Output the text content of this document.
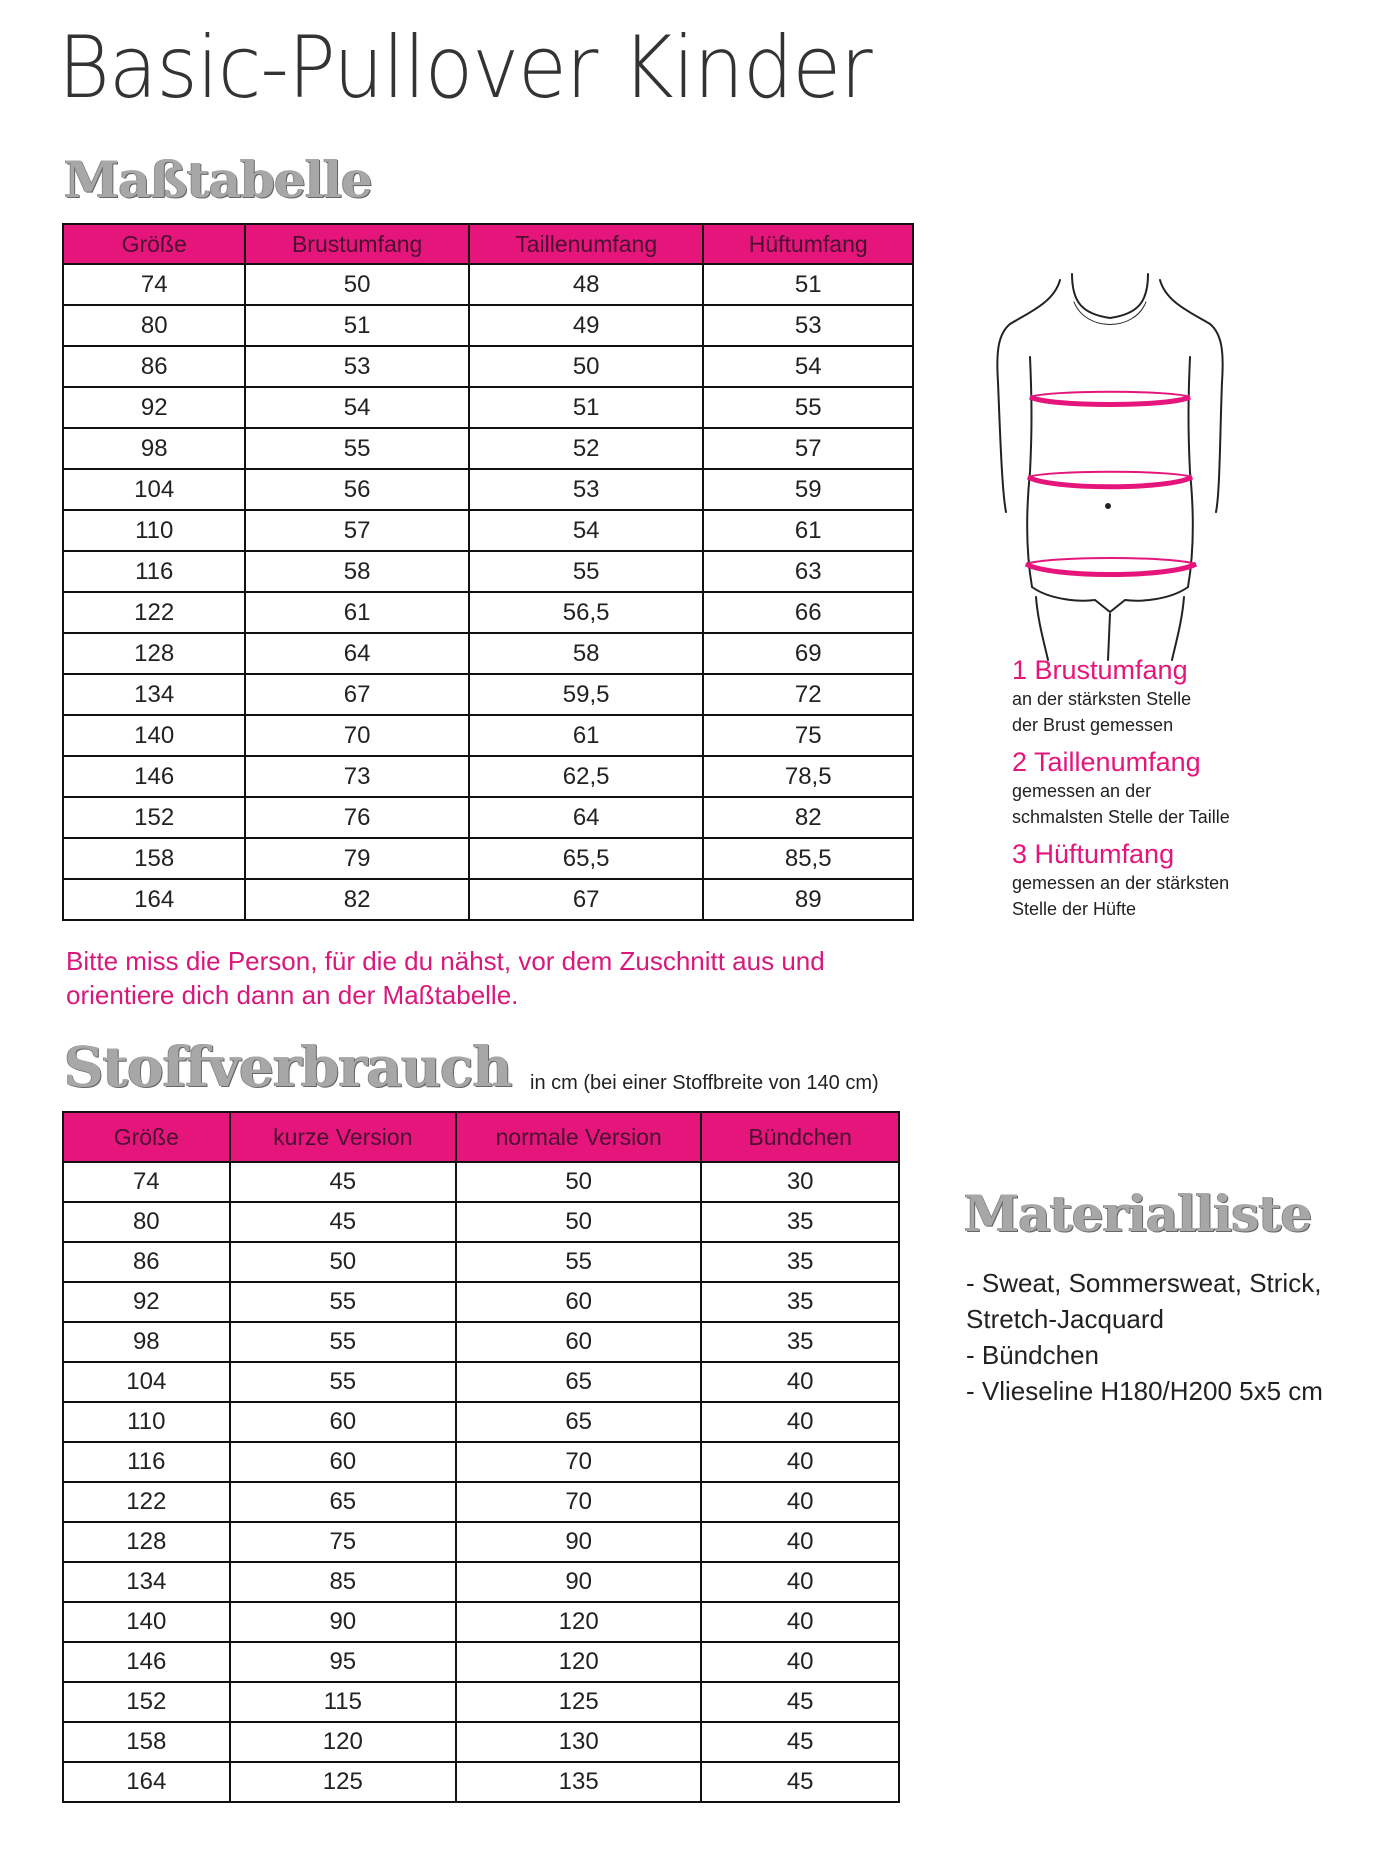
Basic-Pullover Kinder
Maßtabelle
Größe	Brustumfang	Taillenumfang	Hüftumfang
74	50	48	51
80	51	49	53
86	53	50	54
92	54	51	55
98	55	52	57
104	56	53	59
110	57	54	61
116	58	55	63
122	61	56,5	66
128	64	58	69
134	67	59,5	72
140	70	61	75
146	73	62,5	78,5
152	76	64	82
158	79	65,5	85,5
164	82	67	89
1 Brustumfang
an der stärksten Stelle
der Brust gemessen
2 Taillenumfang
gemessen an der
schmalsten Stelle der Taille
3 Hüftumfang
gemessen an der stärksten
Stelle der Hüfte
Bitte miss die Person, für die du nähst, vor dem Zuschnitt aus und orientiere dich dann an der Maßtabelle.
Stoffverbrauch in cm (bei einer Stoffbreite von 140 cm)
Größe	kurze Version	normale Version	Bündchen
74	45	50	30
80	45	50	35
86	50	55	35
92	55	60	35
98	55	60	35
104	55	65	40
110	60	65	40
116	60	70	40
122	65	70	40
128	75	90	40
134	85	90	40
140	90	120	40
146	95	120	40
152	115	125	45
158	120	130	45
164	125	135	45
Materialliste
- Sweat, Sommersweat, Strick,
Stretch-Jacquard
- Bündchen
- Vlieseline H180/H200 5x5 cm
